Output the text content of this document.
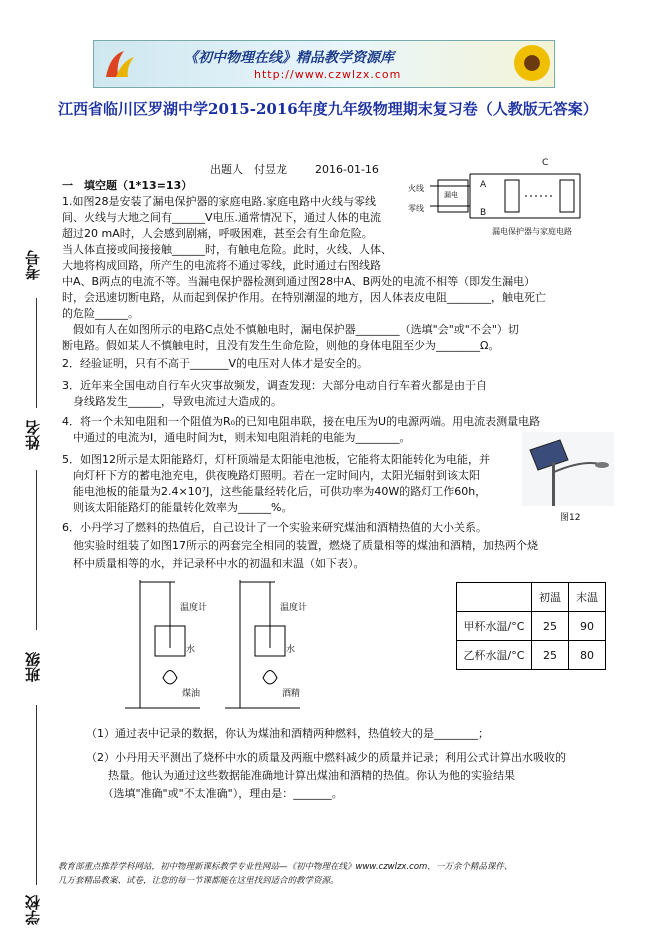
《初中物理在线》精品教学资源库
http://www.czwlzx.com
江西省临川区罗湖中学2015-2016年度九年级物理期末复习卷（人教版无答案）
出题人　付昱龙	2016-01-16
一　填空题（1*13=13）
考号
姓名
班级
学校
火线
零线
漏电
A
B
C
漏电保护器与家庭电路
1.如图28是安装了漏电保护器的家庭电路.家庭电路中火线与零线
间、火线与大地之间有______V电压.通常情况下，通过人体的电流
超过20 mA时，人会感到剧痛，呼吸困难，甚至会有生命危险。
当人体直接或间接接触______时，有触电危险。此时，火线、人体、
大地将构成回路，所产生的电流将不通过零线，此时通过右图线路
中A、B两点的电流不等。当漏电保护器检测到通过图28中A、B两处的电流不相等（即发生漏电）
时，会迅速切断电路，从而起到保护作用。在特别潮湿的地方，因人体表皮电阻________，触电死亡
的危险______。
　假如有人在如图所示的电路C点处不慎触电时，漏电保护器________（选填"会"或"不会"）切
断电路。假如某人不慎触电时，且没有发生生命危险，则他的身体电阻至少为________Ω。
2．经验证明，只有不高于_______V的电压对人体才是安全的。
3．近年来全国电动自行车火灾事故频发，调查发现：大部分电动自行车着火都是由于自
　身线路发生______，导致电流过大造成的。
4．将一个未知电阻和一个阻值为R₀的已知电阻串联，接在电压为U的电源两端。用电流表测量电路
　中通过的电流为I，通电时间为t，则未知电阻消耗的电能为________。
5．如图12所示是太阳能路灯，灯杆顶端是太阳能电池板，它能将太阳能转化为电能，并
　向灯杆下方的蓄电池充电，供夜晚路灯照明。若在一定时间内，太阳光辐射到该太阳
　能电池板的能量为2.4×10⁷J，这些能量经转化后，可供功率为40W的路灯工作60h，
　则该太阳能路灯的能量转化效率为______%。
图12
6．小丹学习了燃料的热值后，自己设计了一个实验来研究煤油和酒精热值的大小关系。
　他实验时组装了如图17所示的两套完全相同的装置，燃烧了质量相等的煤油和酒精，加热两个烧
　杯中质量相等的水，并记录杯中水的初温和末温（如下表）。
温度计
水
煤油
温度计
水
酒精
	初温	末温
甲杯水温/°C	25	90
乙杯水温/°C	25	80
（1）通过表中记录的数据，你认为煤油和酒精两种燃料，热值较大的是________；
（2）小丹用天平测出了烧杯中水的质量及两瓶中燃料减少的质量并记录；利用公式计算出水吸收的
　　热量。他认为通过这些数据能准确地计算出煤油和酒精的热值。你认为他的实验结果
　　（选填"准确"或"不太准确"），理由是：_______。
教育部重点推荐学科网站，初中物理新课标教学专业性网站—《初中物理在线》www.czwlzx.com，一万余个精品课件、
几万套精品教案、试卷，让您的每一节课都能在这里找到适合的教学资源。
